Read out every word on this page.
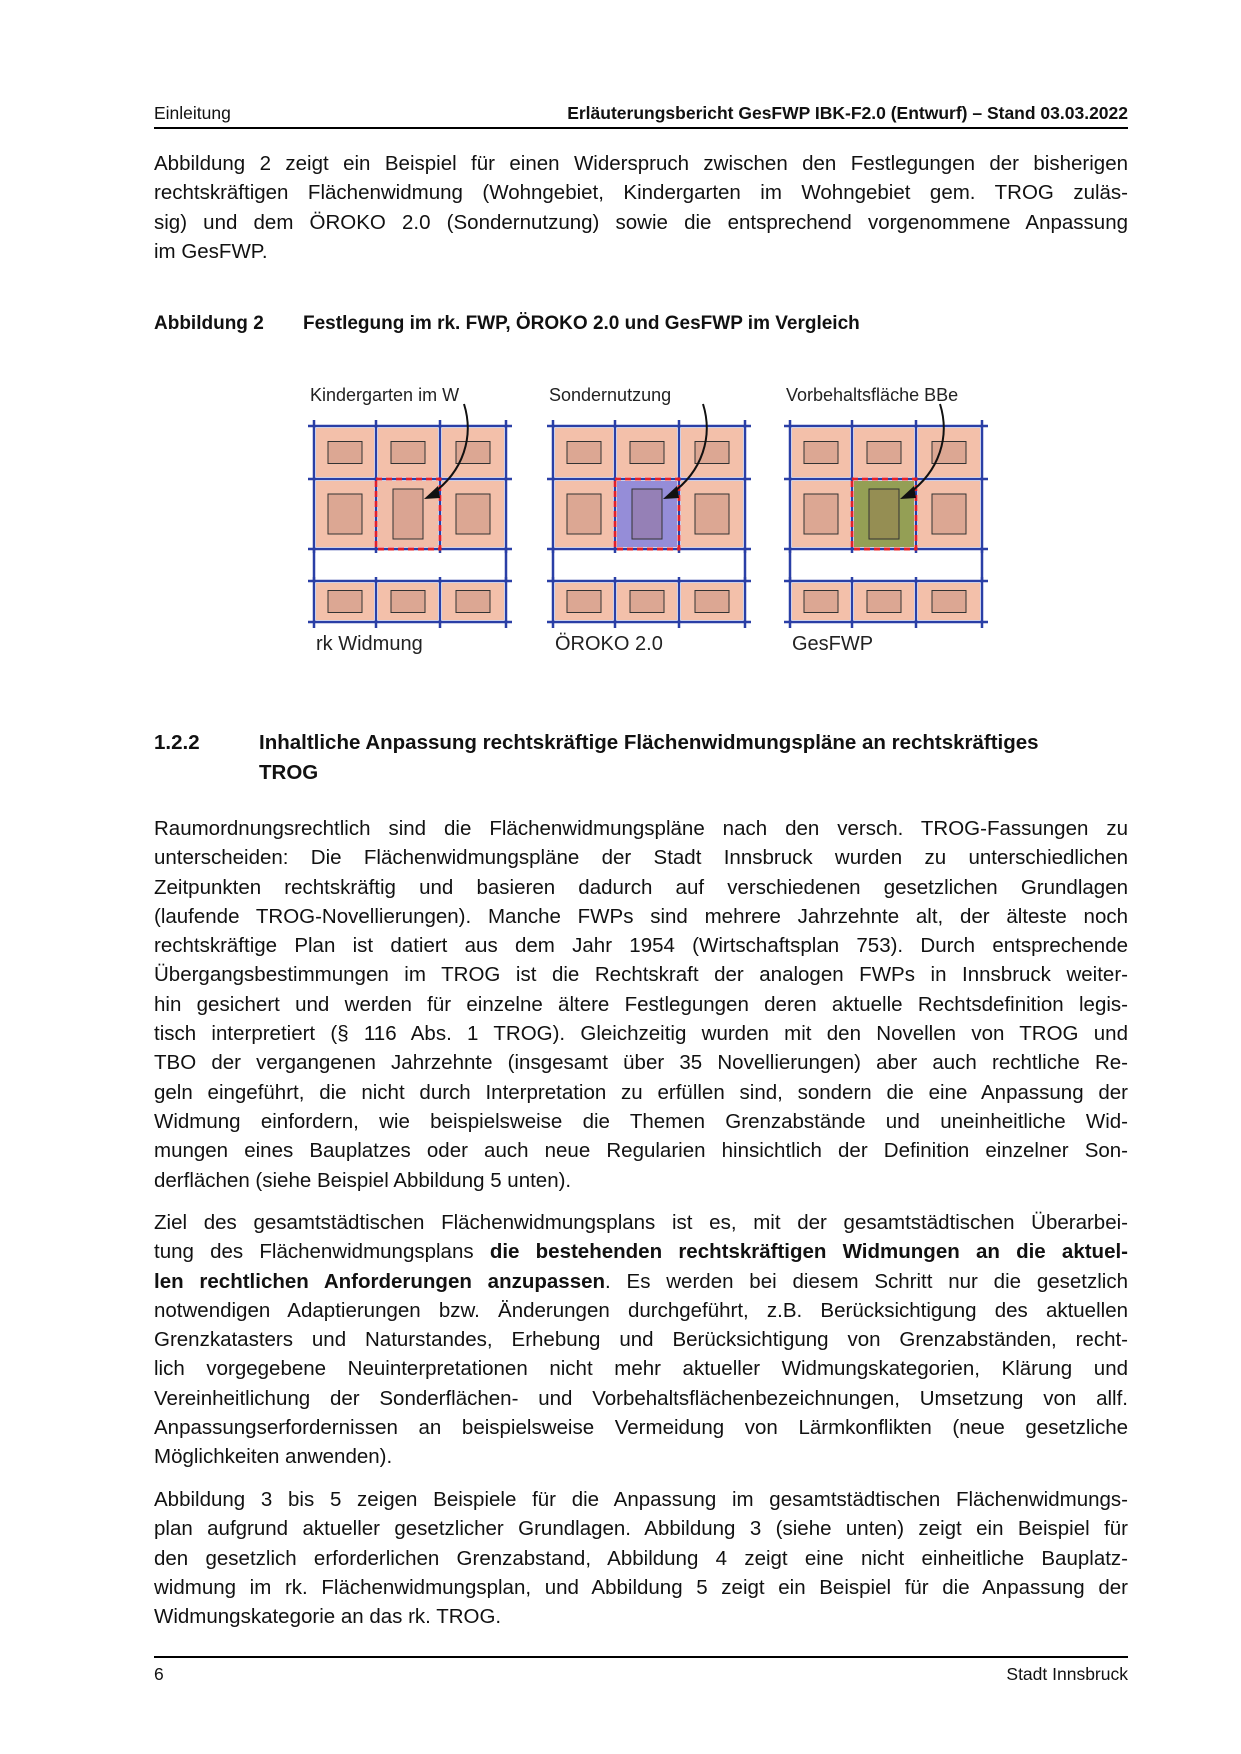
Einleitung	Erläuterungsbericht GesFWP IBK-F2.0 (Entwurf) – Stand 03.03.2022
Abbildung 2 zeigt ein Beispiel für einen Widerspruch zwischen den Festlegungen der bisherigen
rechtskräftigen Flächenwidmung (Wohngebiet, Kindergarten im Wohngebiet gem. TROG zuläs-
sig) und dem ÖROKO 2.0 (Sondernutzung) sowie die entsprechend vorgenommene Anpassung
im GesFWP.
Abbildung 2 Festlegung im rk. FWP, ÖROKO 2.0 und GesFWP im Vergleich
Kindergarten im W
rk Widmung
Sondernutzung
ÖROKO 2.0
Vorbehaltsfläche BBe
GesFWP
1.2.2	Inhaltliche Anpassung rechtskräftige Flächenwidmungspläne an rechtskräftiges
TROG
Raumordnungsrechtlich sind die Flächenwidmungspläne nach den versch. TROG-Fassungen zu
unterscheiden: Die Flächenwidmungspläne der Stadt Innsbruck wurden zu unterschiedlichen
Zeitpunkten rechtskräftig und basieren dadurch auf verschiedenen gesetzlichen Grundlagen
(laufende TROG-Novellierungen). Manche FWPs sind mehrere Jahrzehnte alt, der älteste noch
rechtskräftige Plan ist datiert aus dem Jahr 1954 (Wirtschaftsplan 753). Durch entsprechende
Übergangsbestimmungen im TROG ist die Rechtskraft der analogen FWPs in Innsbruck weiter-
hin gesichert und werden für einzelne ältere Festlegungen deren aktuelle Rechtsdefinition legis-
tisch interpretiert (§ 116 Abs. 1 TROG). Gleichzeitig wurden mit den Novellen von TROG und
TBO der vergangenen Jahrzehnte (insgesamt über 35 Novellierungen) aber auch rechtliche Re-
geln eingeführt, die nicht durch Interpretation zu erfüllen sind, sondern die eine Anpassung der
Widmung einfordern, wie beispielsweise die Themen Grenzabstände und uneinheitliche Wid-
mungen eines Bauplatzes oder auch neue Regularien hinsichtlich der Definition einzelner Son-
derflächen (siehe Beispiel Abbildung 5 unten).
Ziel des gesamtstädtischen Flächenwidmungsplans ist es, mit der gesamtstädtischen Überarbei-
tung des Flächenwidmungsplans die bestehenden rechtskräftigen Widmungen an die aktuel-
len rechtlichen Anforderungen anzupassen. Es werden bei diesem Schritt nur die gesetzlich
notwendigen Adaptierungen bzw. Änderungen durchgeführt, z.B. Berücksichtigung des aktuellen
Grenzkatasters und Naturstandes, Erhebung und Berücksichtigung von Grenzabständen, recht-
lich vorgegebene Neuinterpretationen nicht mehr aktueller Widmungskategorien, Klärung und
Vereinheitlichung der Sonderflächen- und Vorbehaltsflächenbezeichnungen, Umsetzung von allf.
Anpassungserfordernissen an beispielsweise Vermeidung von Lärmkonflikten (neue gesetzliche
Möglichkeiten anwenden).
Abbildung 3 bis 5 zeigen Beispiele für die Anpassung im gesamtstädtischen Flächenwidmungs-
plan aufgrund aktueller gesetzlicher Grundlagen. Abbildung 3 (siehe unten) zeigt ein Beispiel für
den gesetzlich erforderlichen Grenzabstand, Abbildung 4 zeigt eine nicht einheitliche Bauplatz-
widmung im rk. Flächenwidmungsplan, und Abbildung 5 zeigt ein Beispiel für die Anpassung der
Widmungskategorie an das rk. TROG.
6	Stadt Innsbruck
